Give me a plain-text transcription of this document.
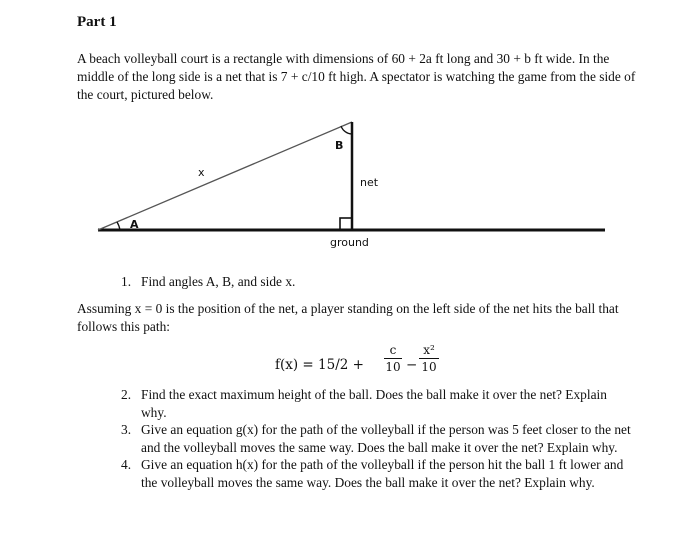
Part 1
A beach volleyball court is a rectangle with dimensions of 60 + 2a ft long and 30 + b ft wide. In the middle of the long side is a net that is 7 + c/10 ft high. A spectator is watching the game from the side of the court, pictured below.
x
A
B
net
ground
1. Find angles A, B, and side x.
Assuming x = 0 is the position of the net, a player standing on the left side of the net hits the ball that follows this path:
f(x) = 15/2 +
c
10 −
x²
10
2. Find the exact maximum height of the ball. Does the ball make it over the net? Explain why.
3. Give an equation g(x) for the path of the volleyball if the person was 5 feet closer to the net and the volleyball moves the same way. Does the ball make it over the net? Explain why.
4. Give an equation h(x) for the path of the volleyball if the person hit the ball 1 ft lower and the volleyball moves the same way. Does the ball make it over the net? Explain why.
